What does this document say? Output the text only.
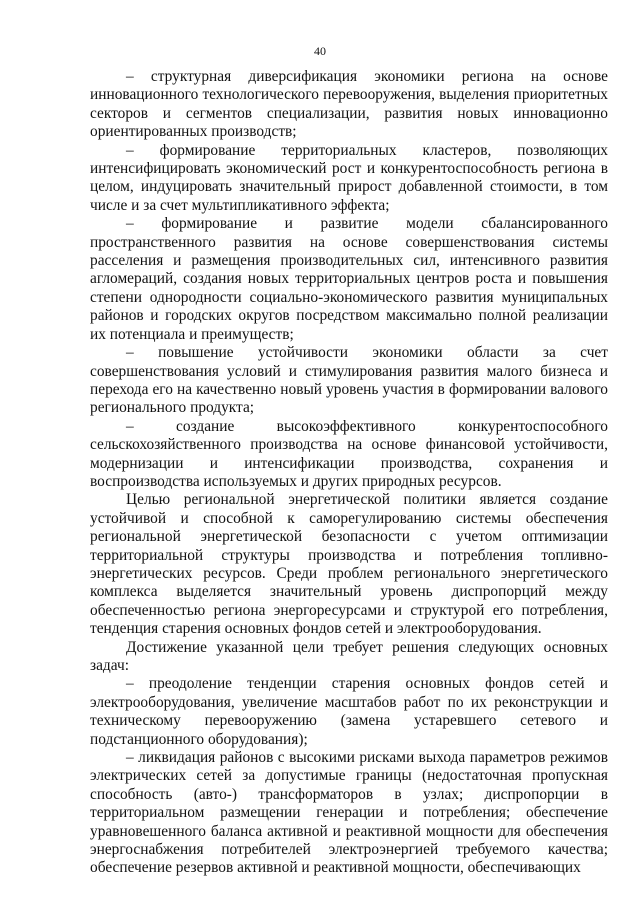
40

– структурная диверсификация экономики региона на основе инновационного технологического перевооружения, выделения приоритетных секторов и сегментов специализации, развития новых инновационно ориентированных производств;

– формирование территориальных кластеров, позволяющих интенсифицировать экономический рост и конкурентоспособность региона в целом, индуцировать значительный прирост добавленной стоимости, в том числе и за счет мультипликативного эффекта;

– формирование и развитие модели сбалансированного пространственного развития на основе совершенствования системы расселения и размещения производительных сил, интенсивного развития агломераций, создания новых территориальных центров роста и повышения степени однородности социально-экономического развития муниципальных районов и городских округов посредством максимально полной реализации их потенциала и преимуществ;

– повышение устойчивости экономики области за счет совершенствования условий и стимулирования развития малого бизнеса и перехода его на качественно новый уровень участия в формировании валового регионального продукта;

– создание высокоэффективного конкурентоспособного сельскохозяйственного производства на основе финансовой устойчивости, модернизации и интенсификации производства, сохранения и воспроизводства используемых и других природных ресурсов.

Целью региональной энергетической политики является создание устойчивой и способной к саморегулированию системы обеспечения региональной энергетической безопасности с учетом оптимизации территориальной структуры производства и потребления топливно-энергетических ресурсов. Среди проблем регионального энергетического комплекса выделяется значительный уровень диспропорций между обеспеченностью региона энергоресурсами и структурой его потребления, тенденция старения основных фондов сетей и электрооборудования.

Достижение указанной цели требует решения следующих основных задач:

– преодоление тенденции старения основных фондов сетей и электрооборудования, увеличение масштабов работ по их реконструкции и техническому перевооружению (замена устаревшего сетевого и подстанционного оборудования);

– ликвидация районов с высокими рисками выхода параметров режимов электрических сетей за допустимые границы (недостаточная пропускная способность (авто-) трансформаторов в узлах; диспропорции в территориальном размещении генерации и потребления; обеспечение уравновешенного баланса активной и реактивной мощности для обеспечения энергоснабжения потребителей электроэнергией требуемого качества; обеспечение резервов активной и реактивной мощности, обеспечивающих
